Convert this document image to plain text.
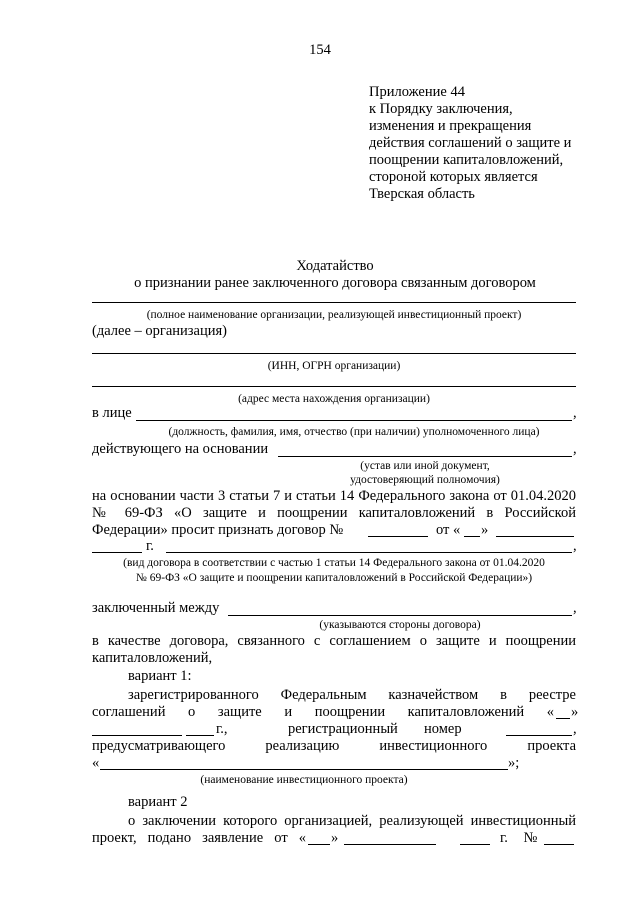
154
Приложение 44
к Порядку заключения,
изменения и прекращения
действия соглашений о защите и
поощрении капиталовложений,
стороной которых является
Тверская область
Ходатайство
о признании ранее заключенного договора связанным договором
(полное наименование организации, реализующей инвестиционный проект)
(далее – организация)
(ИНН, ОГРН организации)
(адрес места нахождения организации)
в лице	,
(должность, фамилия, имя, отчество (при наличии) уполномоченного лица)
действующего на основании	,
(устав или иной документ,
удостоверяющий полномочия)
на основании части 3 статьи 7 и статьи 14 Федерального закона от 01.04.2020
№ 69-ФЗ «О защите и поощрении капиталовложений в Российской
Федерации» просит признать договор №	от « »
г.	,
(вид договора в соответствии с частью 1 статьи 14 Федерального закона от 01.04.2020
№ 69-ФЗ «О защите и поощрении капиталовложений в Российской Федерации»)
заключенный между	,
(указываются стороны договора)
в качестве договора, связанного с соглашением о защите и поощрении
капиталовложений,
вариант 1:
зарегистрированного Федеральным казначейством в реестре
соглашений о защите и поощрении капиталовложений « »
г.,	регистрационный номер	,
предусматривающего реализацию инвестиционного проекта
«	»;
(наименование инвестиционного проекта)
вариант 2
о заключении которого организацией, реализующей инвестиционный
проект, подано заявление от « »	г. №
